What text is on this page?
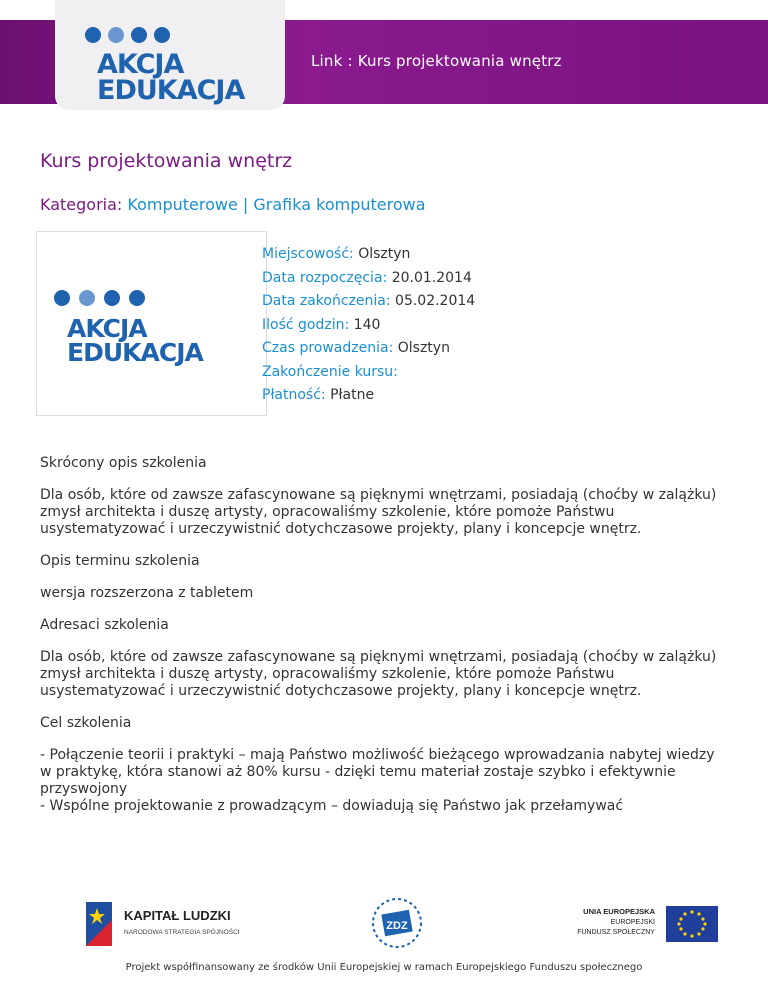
AKCJA
EDUKACJA
Link : Kurs projektowania wnętrz
Kurs projektowania wnętrz
Kategoria: Komputerowe | Grafika komputerowa
AKCJA
EDUKACJA
Miejscowość: Olsztyn
Data rozpoczęcia: 20.01.2014
Data zakończenia: 05.02.2014
Ilość godzin: 140
Czas prowadzenia: Olsztyn
Zakończenie kursu:
Płatność: Płatne

Skrócony opis szkolenia

Dla osób, które od zawsze zafascynowane są pięknymi wnętrzami, posiadają (choćby w zalążku) zmysł architekta i duszę artysty, opracowaliśmy szkolenie, które pomoże Państwu usystematyzować i urzeczywistnić dotychczasowe projekty, plany i koncepcje wnętrz.

Opis terminu szkolenia

wersja rozszerzona z tabletem

Adresaci szkolenia

Dla osób, które od zawsze zafascynowane są pięknymi wnętrzami, posiadają (choćby w zalążku) zmysł architekta i duszę artysty, opracowaliśmy szkolenie, które pomoże Państwu usystematyzować i urzeczywistnić dotychczasowe projekty, plany i koncepcje wnętrz.

Cel szkolenia

- Połączenie teorii i praktyki – mają Państwo możliwość bieżącego wprowadzania nabytej wiedzy w praktykę, która stanowi aż 80% kursu - dzięki temu materiał zostaje szybko i efektywnie przyswojony
- Wspólne projektowanie z prowadzącym – dowiadują się Państwo jak przełamywać
KAPITAŁ LUDZKI
NARODOWA STRATEGIA SPÓJNOŚCI
ZDZ
UNIA EUROPEJSKA
EUROPEJSKI
FUNDUSZ SPOŁECZNY
Projekt współfinansowany ze środków Unii Europejskiej w ramach Europejskiego Funduszu społecznego
